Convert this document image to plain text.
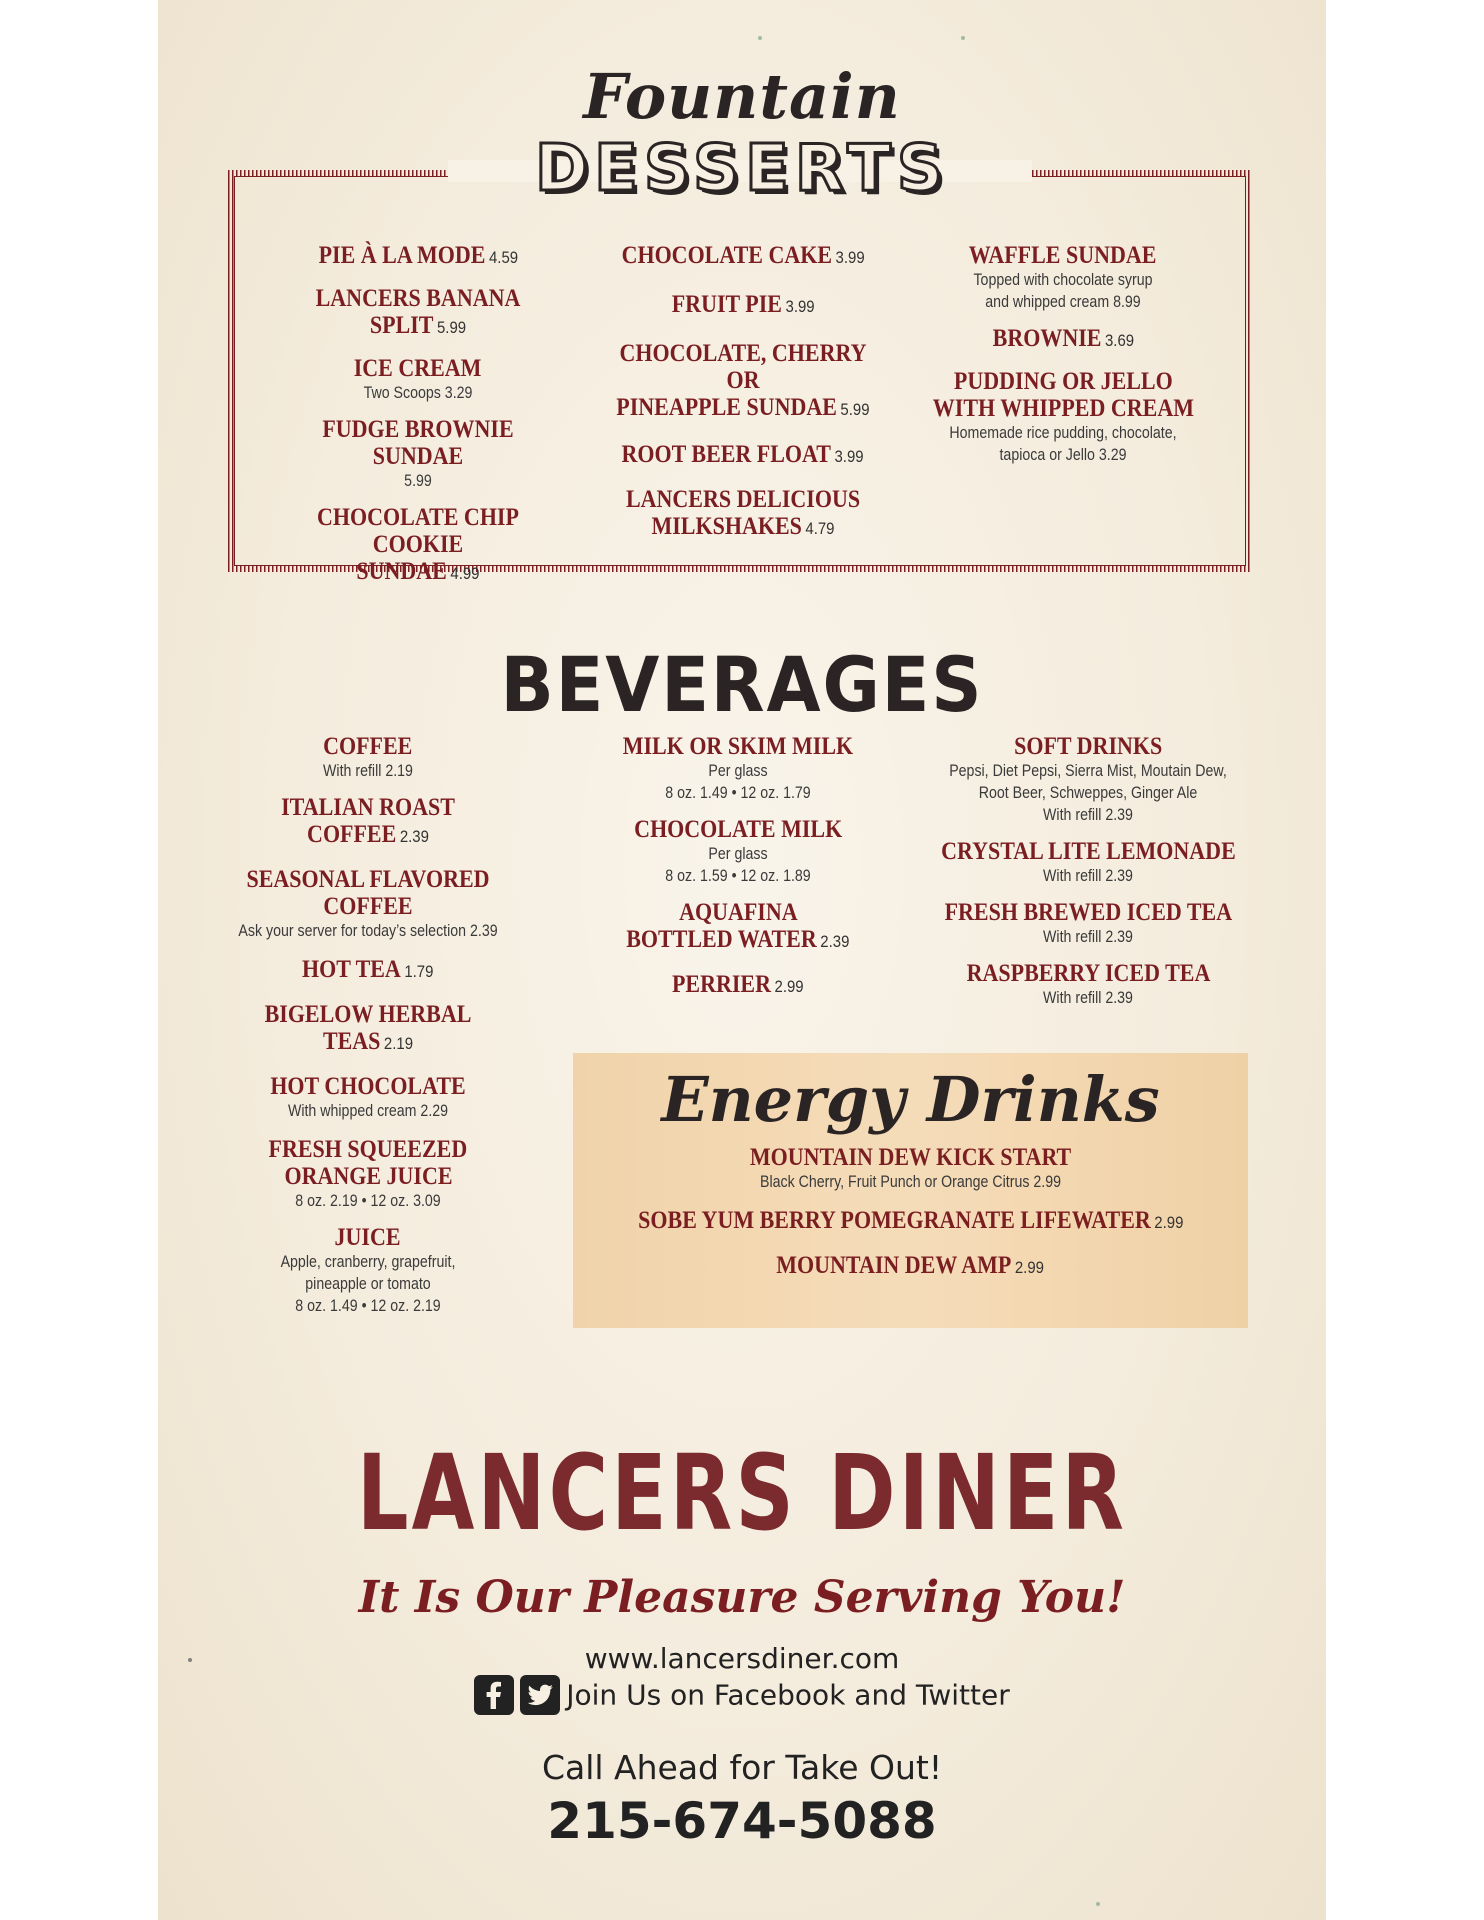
Fountain
DESSERTS
PIE À LA MODE 4.59
LANCERS BANANA SPLIT 5.99
ICE CREAM
Two Scoops 3.29
FUDGE BROWNIE SUNDAE
5.99
CHOCOLATE CHIP COOKIE
SUNDAE 4.99
CHOCOLATE CAKE 3.99
FRUIT PIE 3.99
CHOCOLATE, CHERRY OR
PINEAPPLE SUNDAE 5.99
ROOT BEER FLOAT 3.99
LANCERS DELICIOUS
MILKSHAKES 4.79
WAFFLE SUNDAE
Topped with chocolate syrup
and whipped cream 8.99
BROWNIE 3.69
PUDDING OR JELLO
WITH WHIPPED CREAM
Homemade rice pudding, chocolate,
tapioca or Jello 3.29
BEVERAGES
COFFEE
With refill 2.19
ITALIAN ROAST COFFEE 2.39
SEASONAL FLAVORED COFFEE
Ask your server for today’s selection 2.39
HOT TEA 1.79
BIGELOW HERBAL TEAS 2.19
HOT CHOCOLATE
With whipped cream 2.29
FRESH SQUEEZED
ORANGE JUICE
8 oz. 2.19 • 12 oz. 3.09
JUICE
Apple, cranberry, grapefruit,
pineapple or tomato
8 oz. 1.49 • 12 oz. 2.19
MILK OR SKIM MILK
Per glass
8 oz. 1.49 • 12 oz. 1.79
CHOCOLATE MILK
Per glass
8 oz. 1.59 • 12 oz. 1.89
AQUAFINA
BOTTLED WATER 2.39
PERRIER 2.99
SOFT DRINKS
Pepsi, Diet Pepsi, Sierra Mist, Moutain Dew,
Root Beer, Schweppes, Ginger Ale
With refill 2.39
CRYSTAL LITE LEMONADE
With refill 2.39
FRESH BREWED ICED TEA
With refill 2.39
RASPBERRY ICED TEA
With refill 2.39
Energy Drinks
MOUNTAIN DEW KICK START
Black Cherry, Fruit Punch or Orange Citrus 2.99
SOBE YUM BERRY POMEGRANATE LIFEWATER 2.99
MOUNTAIN DEW AMP 2.99
LANCERS DINER
It Is Our Pleasure Serving You!
www.lancersdiner.com
Join Us on Facebook and Twitter
Call Ahead for Take Out!
215-674-5088
